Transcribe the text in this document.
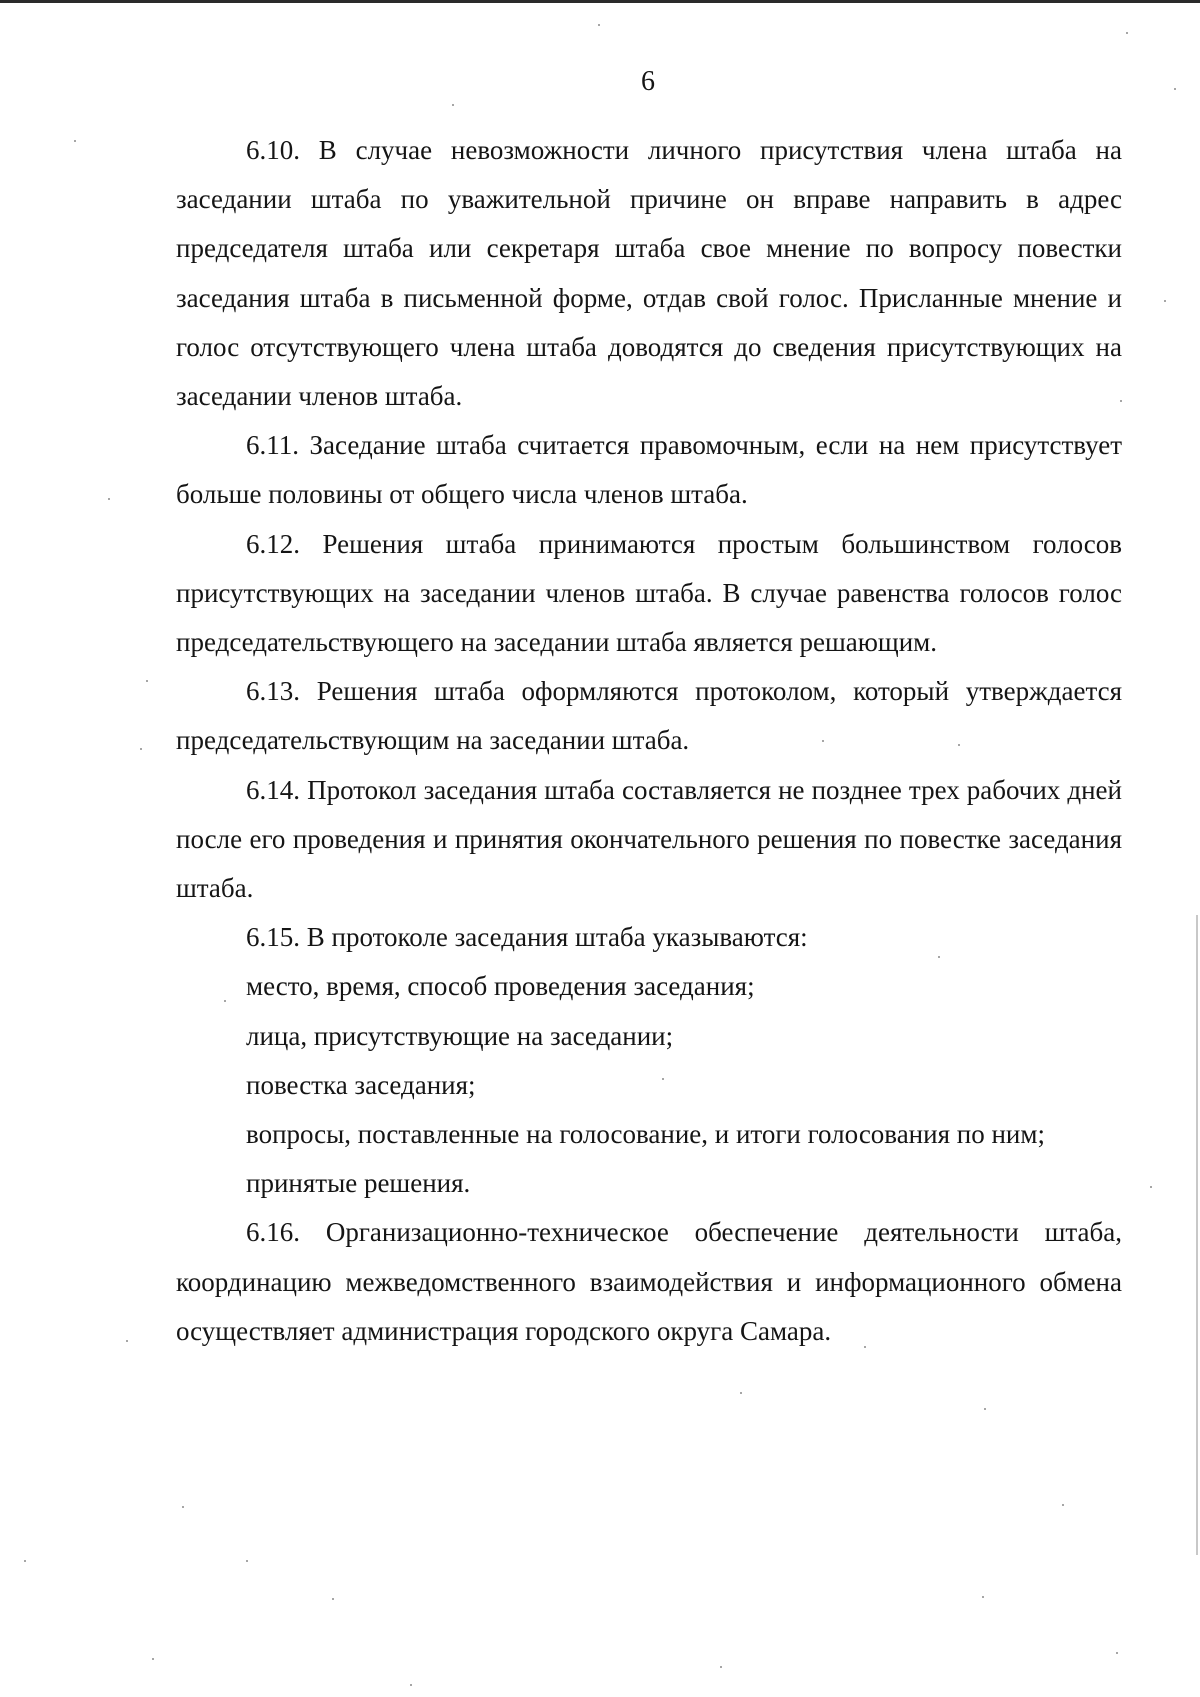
6

6.10. В случае невозможности личного присутствия члена штаба на заседании штаба по уважительной причине он вправе направить в адрес председателя штаба или секретаря штаба свое мнение по вопросу повестки заседания штаба в письменной форме, отдав свой голос. Присланные мнение и голос отсутствующего члена штаба доводятся до сведения присутствующих на заседании членов штаба.

6.11. Заседание штаба считается правомочным, если на нем присутствует больше половины от общего числа членов штаба.

6.12. Решения штаба принимаются простым большинством голосов присутствующих на заседании членов штаба. В случае равенства голосов голос председательствующего на заседании штаба является решающим.

6.13. Решения штаба оформляются протоколом, который утверждается председательствующим на заседании штаба.

6.14. Протокол заседания штаба составляется не позднее трех рабочих дней после его проведения и принятия окончательного решения по повестке заседания штаба.

6.15. В протоколе заседания штаба указываются:

место, время, способ проведения заседания;

лица, присутствующие на заседании;

повестка заседания;

вопросы, поставленные на голосование, и итоги голосования по ним;

принятые решения.

6.16. Организационно-техническое обеспечение деятельности штаба, координацию межведомственного взаимодействия и информационного обмена осуществляет администрация городского округа Самара.
